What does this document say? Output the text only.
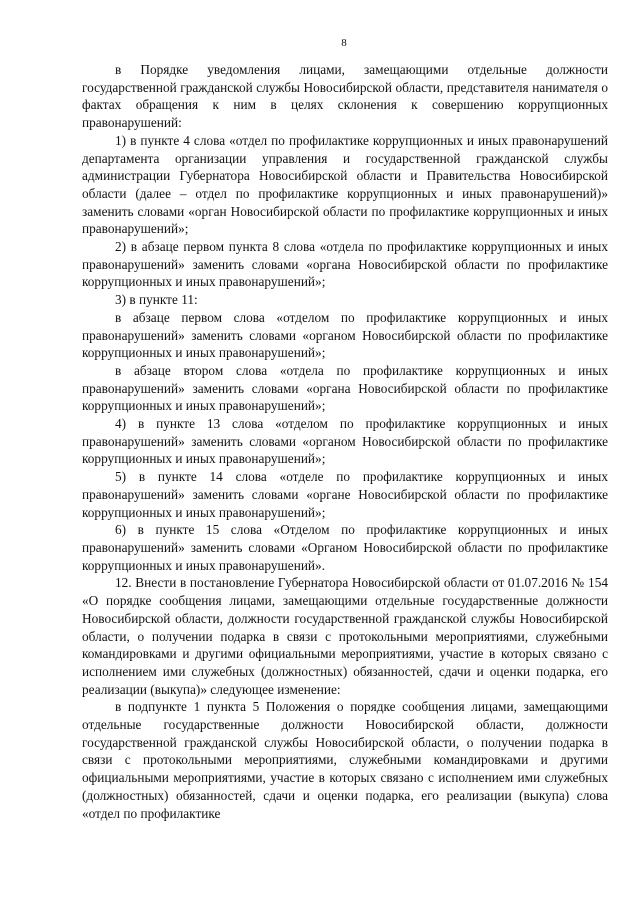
8

в Порядке уведомления лицами, замещающими отдельные должности государственной гражданской службы Новосибирской области, представителя нанимателя о фактах обращения к ним в целях склонения к совершению коррупционных правонарушений:

1) в пункте 4 слова «отдел по профилактике коррупционных и иных правонарушений департамента организации управления и государственной гражданской службы администрации Губернатора Новосибирской области и Правительства Новосибирской области (далее – отдел по профилактике коррупционных и иных правонарушений)» заменить словами «орган Новосибирской области по профилактике коррупционных и иных правонарушений»;

2) в абзаце первом пункта 8 слова «отдела по профилактике коррупционных и иных правонарушений» заменить словами «органа Новосибирской области по профилактике коррупционных и иных правонарушений»;

3) в пункте 11:

в абзаце первом слова «отделом по профилактике коррупционных и иных правонарушений» заменить словами «органом Новосибирской области по профилактике коррупционных и иных правонарушений»;

в абзаце втором слова «отдела по профилактике коррупционных и иных правонарушений» заменить словами «органа Новосибирской области по профилактике коррупционных и иных правонарушений»;

4) в пункте 13 слова «отделом по профилактике коррупционных и иных правонарушений» заменить словами «органом Новосибирской области по профилактике коррупционных и иных правонарушений»;

5) в пункте 14 слова «отделе по профилактике коррупционных и иных правонарушений» заменить словами «органе Новосибирской области по профилактике коррупционных и иных правонарушений»;

6) в пункте 15 слова «Отделом по профилактике коррупционных и иных правонарушений» заменить словами «Органом Новосибирской области по профилактике коррупционных и иных правонарушений».

12. Внести в постановление Губернатора Новосибирской области от 01.07.2016 № 154 «О порядке сообщения лицами, замещающими отдельные государственные должности Новосибирской области, должности государственной гражданской службы Новосибирской области, о получении подарка в связи с протокольными мероприятиями, служебными командировками и другими официальными мероприятиями, участие в которых связано с исполнением ими служебных (должностных) обязанностей, сдачи и оценки подарка, его реализации (выкупа)» следующее изменение:

в подпункте 1 пункта 5 Положения о порядке сообщения лицами, замещающими отдельные государственные должности Новосибирской области, должности государственной гражданской службы Новосибирской области, о получении подарка в связи с протокольными мероприятиями, служебными командировками и другими официальными мероприятиями, участие в которых связано с исполнением ими служебных (должностных) обязанностей, сдачи и оценки подарка, его реализации (выкупа) слова «отдел по профилактике
